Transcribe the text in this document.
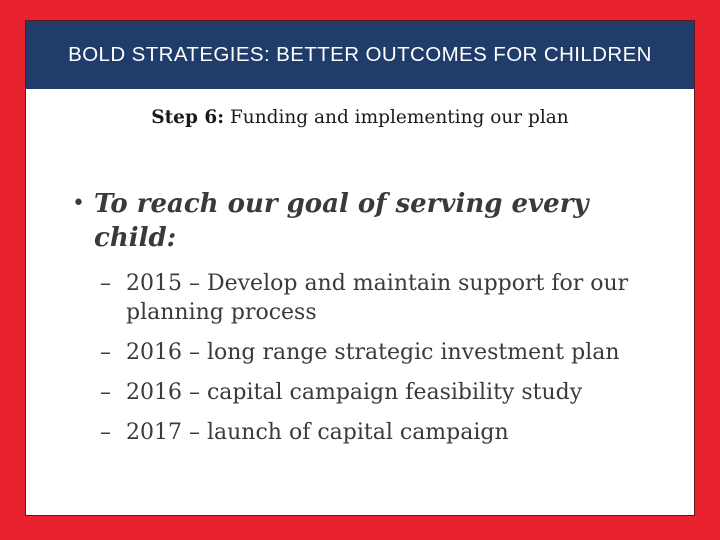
BOLD STRATEGIES: BETTER OUTCOMES FOR CHILDREN
Step 6: Funding and implementing our plan
• To reach our goal of serving every child:
– 2015 – Develop and maintain support for our planning process
– 2016 – long range strategic investment plan
– 2016 – capital campaign feasibility study
– 2017 – launch of capital campaign
